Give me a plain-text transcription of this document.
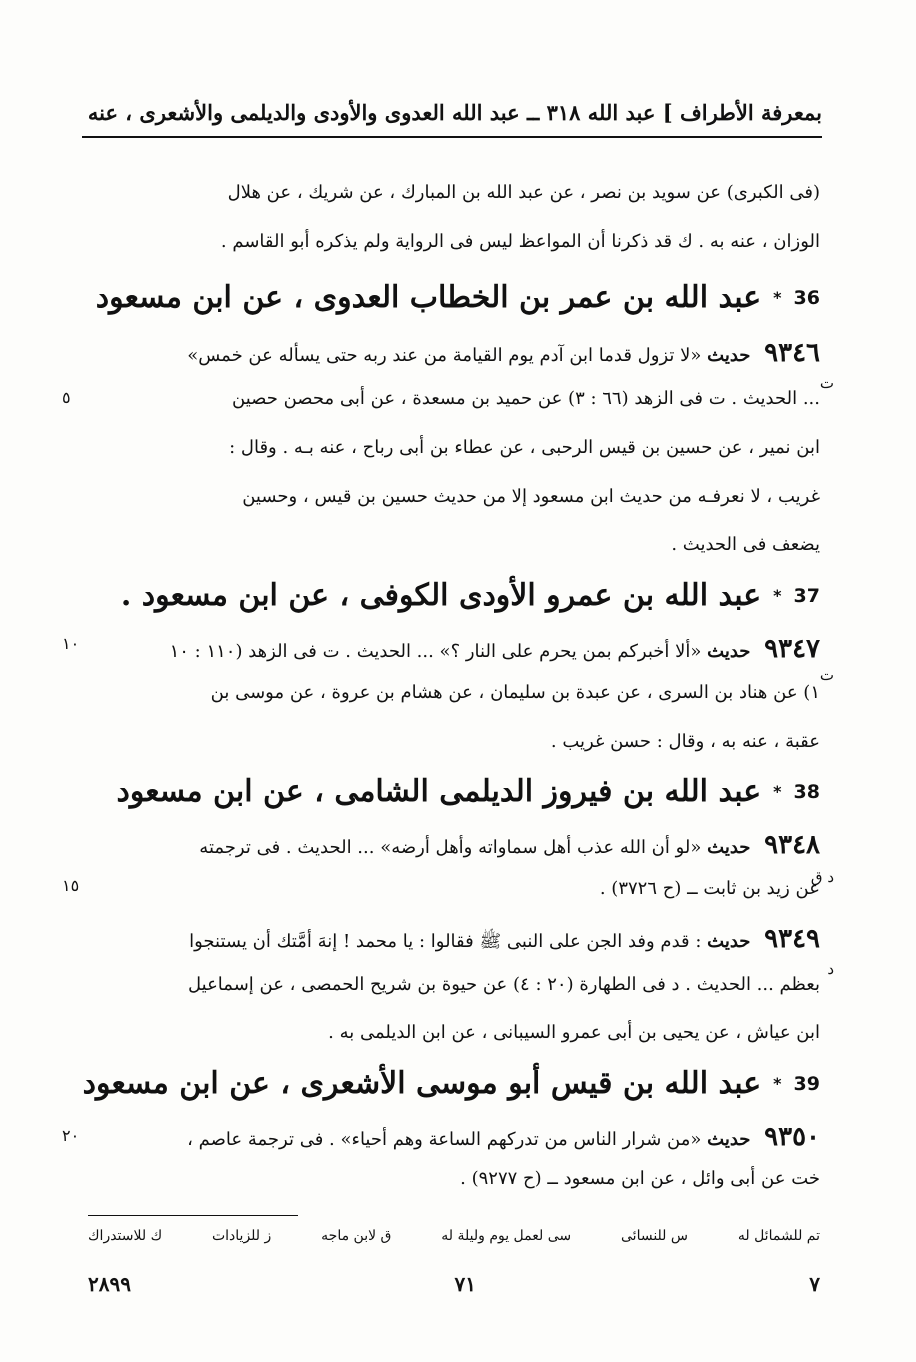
بمعرفة الأطراف ] عبد الله ٣١٨ ــ عبد الله العدوى والأودى والديلمى والأشعرى ، عنه
(فى الكبرى) عن سويد بن نصر ، عن عبد الله بن المبارك ، عن شريك ، عن هلال
الوزان ، عنه به . ك قد ذكرنا أن المواعظ ليس فى الرواية ولم يذكره أبو القاسم .
36
*
عبد الله بن عمر بن الخطاب العدوى ، عن ابن مسعود
٩٣٤٦ حديث «لا تزول قدما ابن آدم يوم القيامة من عند ربه حتى يسأله عن خمس»
ت
... الحديث . ت فى الزهد (٦٦ : ٣) عن حميد بن مسعدة ، عن أبى محصن حصين
٥
ابن نمير ، عن حسين بن قيس الرحبى ، عن عطاء بن أبى رباح ، عنه بـه . وقال :
غريب ، لا نعرفـه من حديث ابن مسعود إلا من حديث حسين بن قيس ، وحسين
يضعف فى الحديث .
37
*
عبد الله بن عمرو الأودى الكوفى ، عن ابن مسعود .
٩٣٤٧ حديث «ألا أخبركم بمن يحرم على النار ؟» ... الحديث . ت فى الزهد (١١٠ : ١٠
١٠
ت
١) عن هناد بن السرى ، عن عبدة بن سليمان ، عن هشام بن عروة ، عن موسى بن
عقبة ، عنه به ، وقال : حسن غريب .
38
*
عبد الله بن فيروز الديلمى الشامى ، عن ابن مسعود
٩٣٤٨ حديث «لو أن الله عذب أهل سماواته وأهل أرضه» ... الحديث . فى ترجمته
د ق
عن زيد بن ثابت ــ (ح ٣٧٢٦) .
١٥
٩٣٤٩ حديث : قدم وفد الجن على النبى ﷺ فقالوا : يا محمد ! إنهَ أمَّتك أن يستنجوا
د
بعظم ... الحديث . د فى الطهارة (٢٠ : ٤) عن حيوة بن شريح الحمصى ، عن إسماعيل
ابن عياش ، عن يحيى بن أبى عمرو السيبانى ، عن ابن الديلمى به .
39
*
عبد الله بن قيس أبو موسى الأشعرى ، عن ابن مسعود
٩٣٥٠ حديث «من شرار الناس من تدركهم الساعة وهم أحياء» . فى ترجمة عاصم ،
٢٠
خت عن أبى وائل ، عن ابن مسعود ــ (ح ٩٢٧٧) .
تم للشمائل له
س للنسائى
سى لعمل يوم وليلة له
ق لابن ماجه
ز للزيادات
ك للاستدراك
٧
٧١
٢٨٩٩
